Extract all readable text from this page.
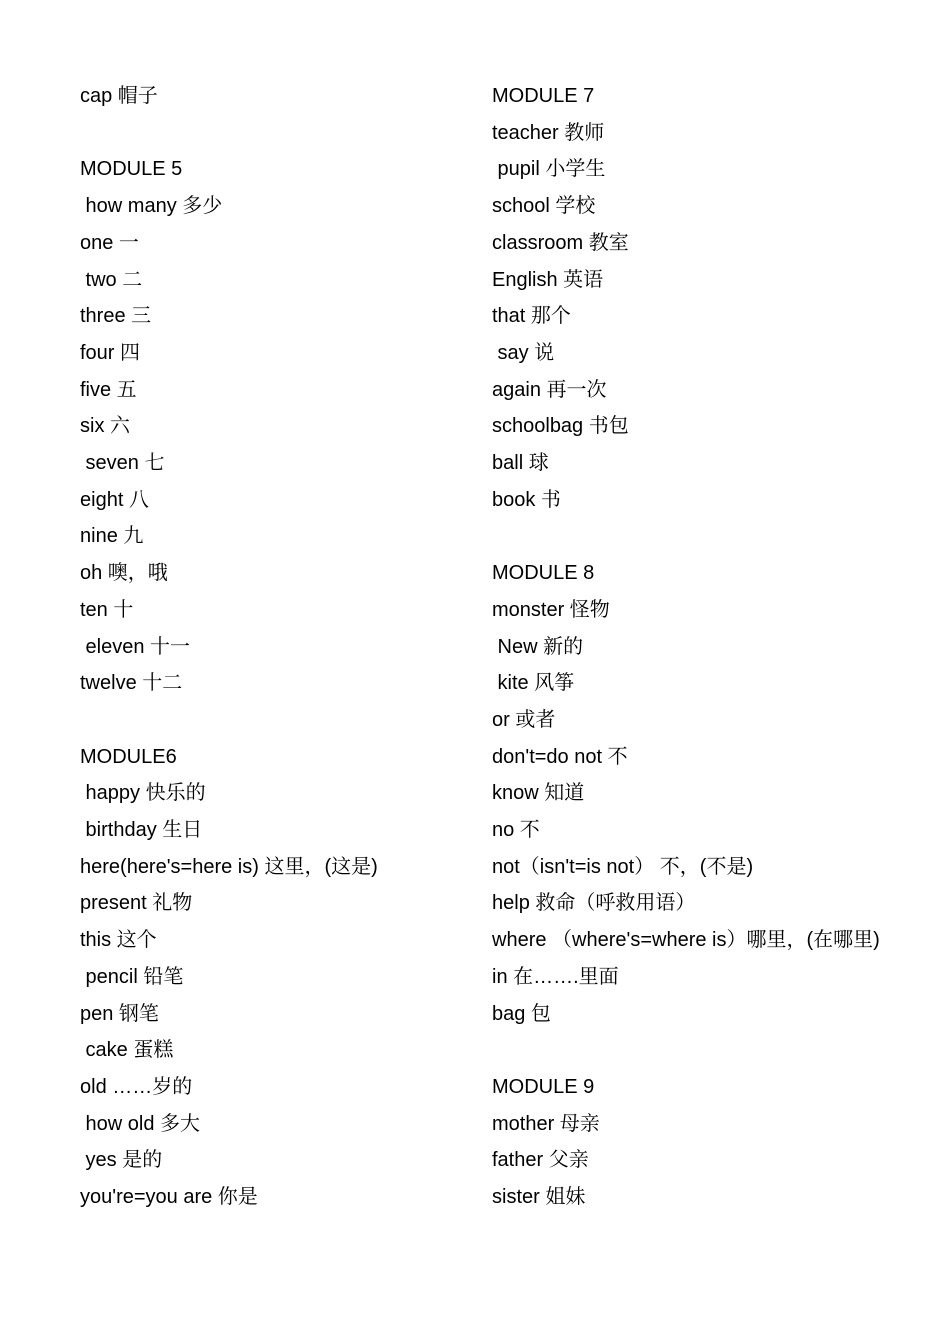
cap 帽子
MODULE 5
how many 多少
one 一
two 二
three 三
four 四
five 五
six 六
seven 七
eight 八
nine 九
oh 噢，哦
ten 十
eleven 十一
twelve 十二
MODULE6
happy 快乐的
birthday 生日
here(here's=here is) 这里，(这是)
present 礼物
this 这个
pencil 铅笔
pen 钢笔
cake 蛋糕
old ……岁的
how old 多大
yes 是的
you're=you are 你是
MODULE 7
teacher 教师
pupil 小学生
school 学校
classroom 教室
English 英语
that 那个
say 说
again 再一次
schoolbag 书包
ball 球
book 书
MODULE 8
monster 怪物
New 新的
kite 风筝
or 或者
don't=do not 不
know 知道
no 不
not（isn't=is not） 不，(不是)
help 救命（呼救用语）
where （where's=where is）哪里，(在哪里)
in 在…….里面
bag 包
MODULE 9
mother 母亲
father 父亲
sister 姐妹
